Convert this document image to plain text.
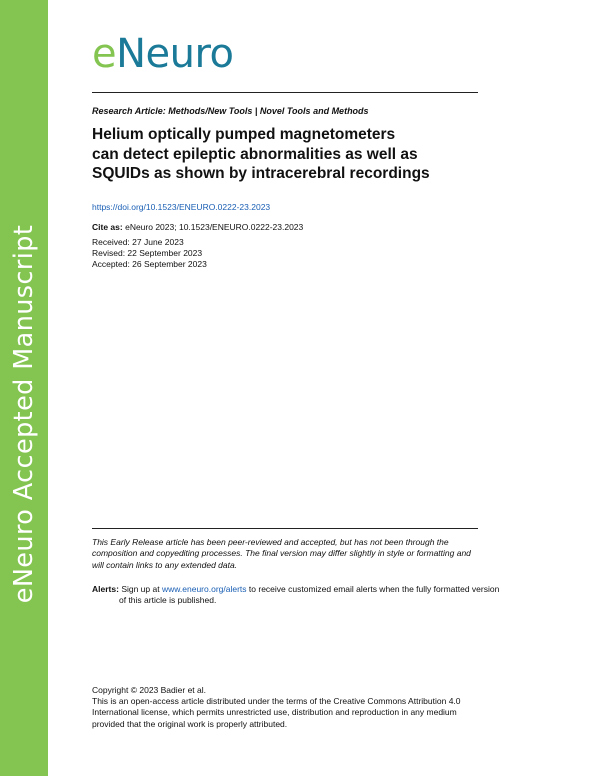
eNeuro Accepted Manuscript
eNeuro
Research Article: Methods/New Tools | Novel Tools and Methods
Helium optically pumped magnetometers
can detect epileptic abnormalities as well as
SQUIDs as shown by intracerebral recordings
https://doi.org/10.1523/ENEURO.0222-23.2023
Cite as: eNeuro 2023; 10.1523/ENEURO.0222-23.2023
Received: 27 June 2023
Revised: 22 September 2023
Accepted: 26 September 2023
This Early Release article has been peer-reviewed and accepted, but has not been through the composition and copyediting processes. The final version may differ slightly in style or formatting and will contain links to any extended data.
Alerts: Sign up at www.eneuro.org/alerts to receive customized email alerts when the fully formatted version of this article is published.
Copyright © 2023 Badier et al.
This is an open-access article distributed under the terms of the Creative Commons Attribution 4.0 International license, which permits unrestricted use, distribution and reproduction in any medium provided that the original work is properly attributed.
